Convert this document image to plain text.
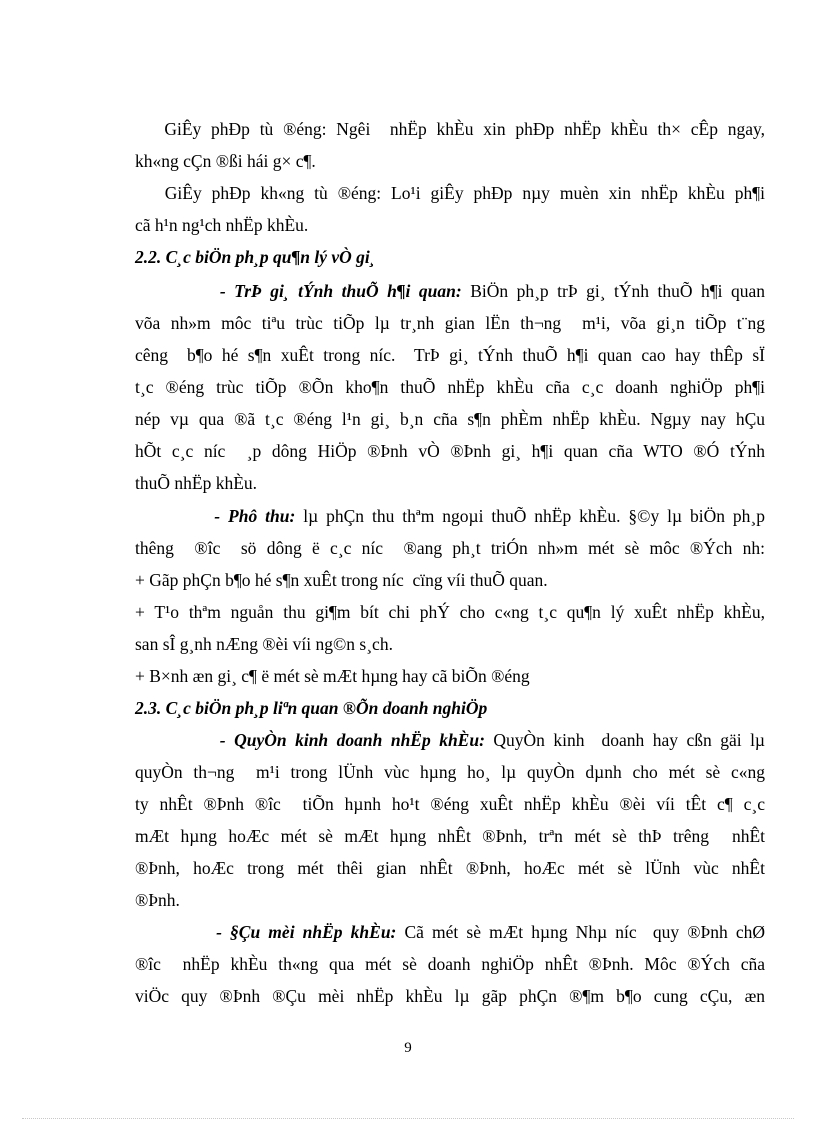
GiÊy phÐp tù ®éng: Ngêi  nhËp khÈu xin phÐp nhËp khÈu th× cÊp ngay,
kh«ng cÇn ®ßi hái g× c¶.
GiÊy phÐp kh«ng tù ®éng: Lo¹i giÊy phÐp nµy muèn xin nhËp khÈu ph¶i
cã h¹n ng¹ch nhËp khÈu.
2.2. C¸c biÖn ph¸p qu¶n lý vÒ gi¸
- TrÞ gi¸ tÝnh thuÕ h¶i quan: BiÖn ph¸p trÞ gi¸ tÝnh thuÕ h¶i quan
võa nh»m môc tiªu trùc tiÕp lµ tr¸nh gian lËn th¬ng  m¹i, võa gi¸n tiÕp t¨ng
cêng  b¶o hé s¶n xuÊt trong níc.  TrÞ gi¸ tÝnh thuÕ h¶i quan cao hay thÊp sÏ
t¸c ®éng trùc tiÕp ®Õn kho¶n thuÕ nhËp khÈu cña c¸c doanh nghiÖp ph¶i
nép vµ qua ®ã t¸c ®éng l¹n gi¸ b¸n cña s¶n phÈm nhËp khÈu. Ngµy nay hÇu
hÕt c¸c níc  ¸p dông HiÖp ®Þnh vÒ ®Þnh gi¸ h¶i quan cña WTO ®Ó tÝnh
thuÕ nhËp khÈu.
- Phô thu: lµ phÇn thu thªm ngoµi thuÕ nhËp khÈu. §©y lµ biÖn ph¸p
thêng  ®îc  sö dông ë c¸c níc  ®ang ph¸t triÓn nh»m mét sè môc ®Ých nh:
+ Gãp phÇn b¶o hé s¶n xuÊt trong níc  cïng víi thuÕ quan.
+ T¹o thªm nguån thu gi¶m bít chi phÝ cho c«ng t¸c qu¶n lý xuÊt nhËp khÈu,
san sÎ g¸nh nÆng ®èi víi ng©n s¸ch.
+ B×nh æn gi¸ c¶ ë mét sè mÆt hµng hay cã biÕn ®éng
2.3. C¸c biÖn ph¸p liªn quan ®Õn doanh nghiÖp
- QuyÒn kinh doanh nhËp khÈu: QuyÒn kinh  doanh hay cßn gäi lµ
quyÒn th¬ng  m¹i trong lÜnh vùc hµng ho¸ lµ quyÒn dµnh cho mét sè c«ng
ty nhÊt ®Þnh ®îc  tiÕn hµnh ho¹t ®éng xuÊt nhËp khÈu ®èi víi tÊt c¶ c¸c
mÆt hµng hoÆc mét sè mÆt hµng nhÊt ®Þnh, trªn mét sè thÞ trêng  nhÊt
®Þnh, hoÆc trong mét thêi gian nhÊt ®Þnh, hoÆc mét sè lÜnh vùc nhÊt
®Þnh.
- §Çu mèi nhËp khÈu: Cã mét sè mÆt hµng Nhµ níc  quy ®Þnh chØ
®îc  nhËp khÈu th«ng qua mét sè doanh nghiÖp nhÊt ®Þnh. Môc ®Ých cña
viÖc quy ®Þnh ®Çu mèi nhËp khÈu lµ gãp phÇn ®¶m b¶o cung cÇu, æn
9
